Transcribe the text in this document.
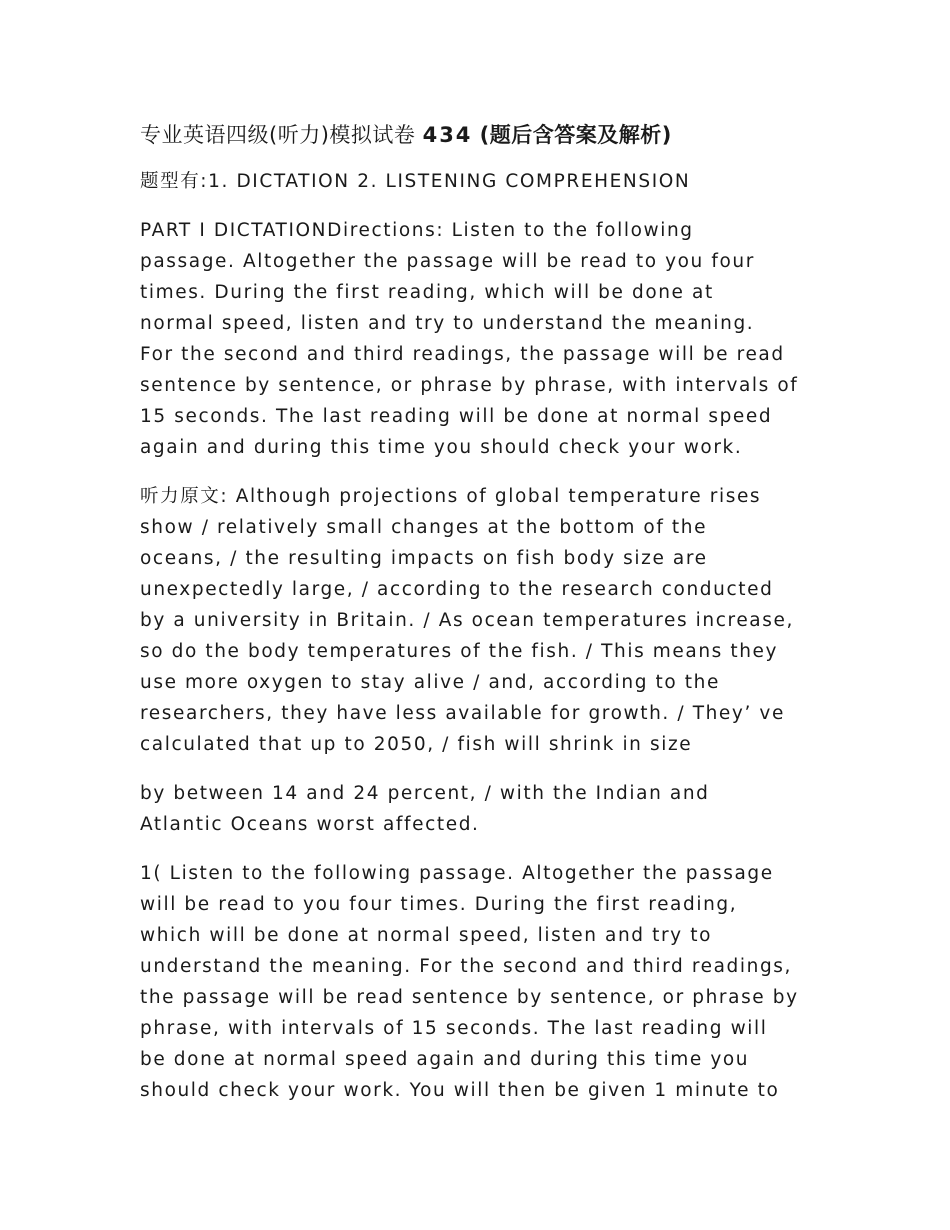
专业英语四级(听力)模拟试卷 434 (题后含答案及解析)
题型有:1. DICTATION 2. LISTENING COMPREHENSION
PART I DICTATIONDirections: Listen to the following
passage. Altogether the passage will be read to you four
times. During the first reading, which will be done at
normal speed, listen and try to understand the meaning.
For the second and third readings, the passage will be read
sentence by sentence, or phrase by phrase, with intervals of
15 seconds. The last reading will be done at normal speed
again and during this time you should check your work.
听力原文: Although projections of global temperature rises
show / relatively small changes at the bottom of the
oceans, / the resulting impacts on fish body size are
unexpectedly large, / according to the research conducted
by a university in Britain. / As ocean temperatures increase,
so do the body temperatures of the fish. / This means they
use more oxygen to stay alive / and, according to the
researchers, they have less available for growth. / They’ ve
calculated that up to 2050, / fish will shrink in size
by between 14 and 24 percent, / with the Indian and
Atlantic Oceans worst affected.
1( Listen to the following passage. Altogether the passage
will be read to you four times. During the first reading,
which will be done at normal speed, listen and try to
understand the meaning. For the second and third readings,
the passage will be read sentence by sentence, or phrase by
phrase, with intervals of 15 seconds. The last reading will
be done at normal speed again and during this time you
should check your work. You will then be given 1 minute to
